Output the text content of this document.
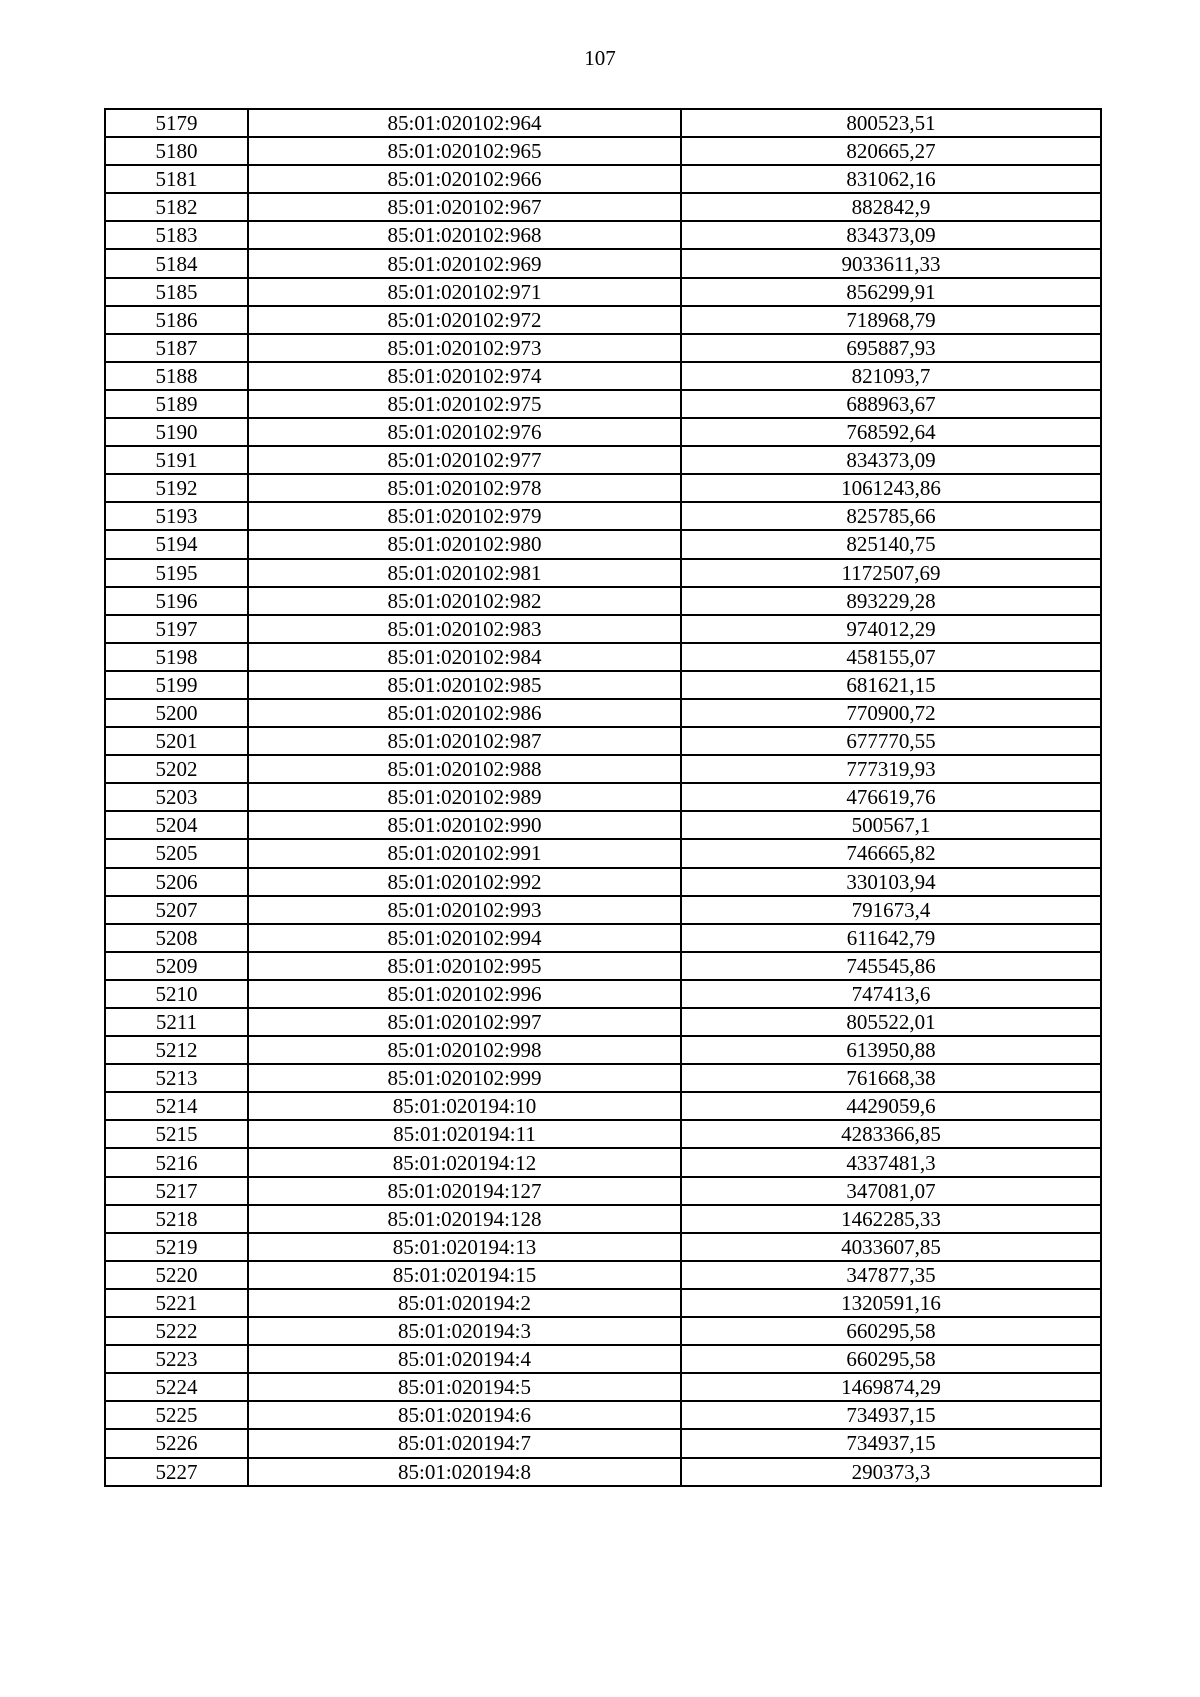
107
5179	85:01:020102:964	800523,51
5180	85:01:020102:965	820665,27
5181	85:01:020102:966	831062,16
5182	85:01:020102:967	882842,9
5183	85:01:020102:968	834373,09
5184	85:01:020102:969	9033611,33
5185	85:01:020102:971	856299,91
5186	85:01:020102:972	718968,79
5187	85:01:020102:973	695887,93
5188	85:01:020102:974	821093,7
5189	85:01:020102:975	688963,67
5190	85:01:020102:976	768592,64
5191	85:01:020102:977	834373,09
5192	85:01:020102:978	1061243,86
5193	85:01:020102:979	825785,66
5194	85:01:020102:980	825140,75
5195	85:01:020102:981	1172507,69
5196	85:01:020102:982	893229,28
5197	85:01:020102:983	974012,29
5198	85:01:020102:984	458155,07
5199	85:01:020102:985	681621,15
5200	85:01:020102:986	770900,72
5201	85:01:020102:987	677770,55
5202	85:01:020102:988	777319,93
5203	85:01:020102:989	476619,76
5204	85:01:020102:990	500567,1
5205	85:01:020102:991	746665,82
5206	85:01:020102:992	330103,94
5207	85:01:020102:993	791673,4
5208	85:01:020102:994	611642,79
5209	85:01:020102:995	745545,86
5210	85:01:020102:996	747413,6
5211	85:01:020102:997	805522,01
5212	85:01:020102:998	613950,88
5213	85:01:020102:999	761668,38
5214	85:01:020194:10	4429059,6
5215	85:01:020194:11	4283366,85
5216	85:01:020194:12	4337481,3
5217	85:01:020194:127	347081,07
5218	85:01:020194:128	1462285,33
5219	85:01:020194:13	4033607,85
5220	85:01:020194:15	347877,35
5221	85:01:020194:2	1320591,16
5222	85:01:020194:3	660295,58
5223	85:01:020194:4	660295,58
5224	85:01:020194:5	1469874,29
5225	85:01:020194:6	734937,15
5226	85:01:020194:7	734937,15
5227	85:01:020194:8	290373,3
